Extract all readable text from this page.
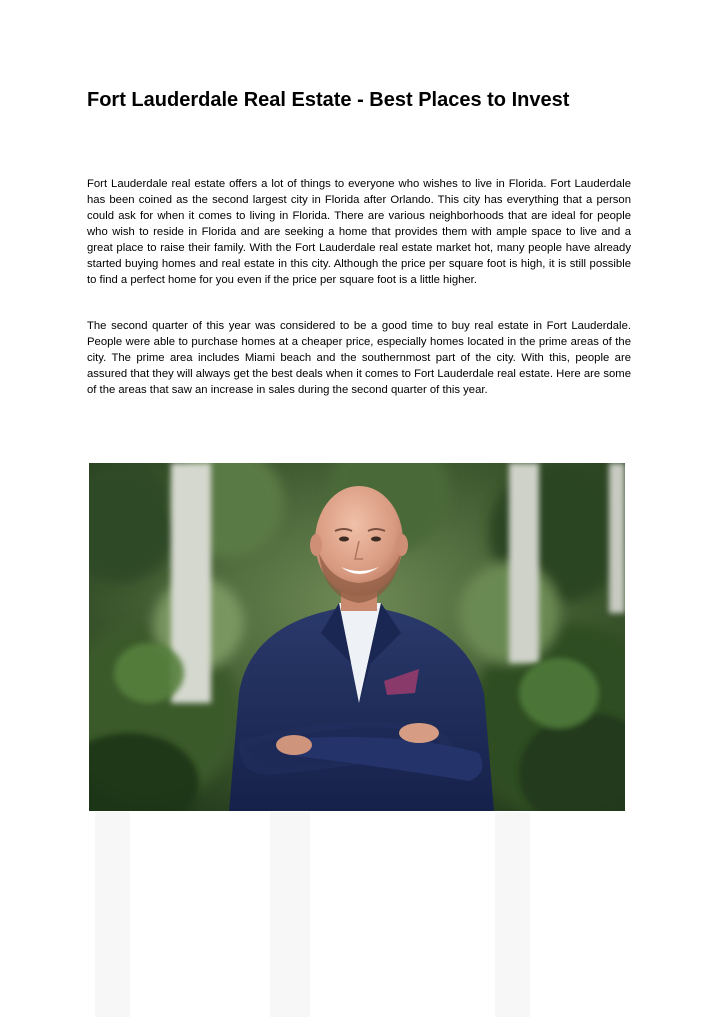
Fort Lauderdale Real Estate - Best Places to Invest

Fort Lauderdale real estate offers a lot of things to everyone who wishes to live in Florida. Fort Lauderdale has been coined as the second largest city in Florida after Orlando. This city has everything that a person could ask for when it comes to living in Florida. There are various neighborhoods that are ideal for people who wish to reside in Florida and are seeking a home that provides them with ample space to live and a great place to raise their family. With the Fort Lauderdale real estate market hot, many people have already started buying homes and real estate in this city. Although the price per square foot is high, it is still possible to find a perfect home for you even if the price per square foot is a little higher.

The second quarter of this year was considered to be a good time to buy real estate in Fort Lauderdale. People were able to purchase homes at a cheaper price, especially homes located in the prime areas of the city. The prime area includes Miami beach and the southernmost part of the city. With this, people are assured that they will always get the best deals when it comes to Fort Lauderdale real estate. Here are some of the areas that saw an increase in sales during the second quarter of this year.
